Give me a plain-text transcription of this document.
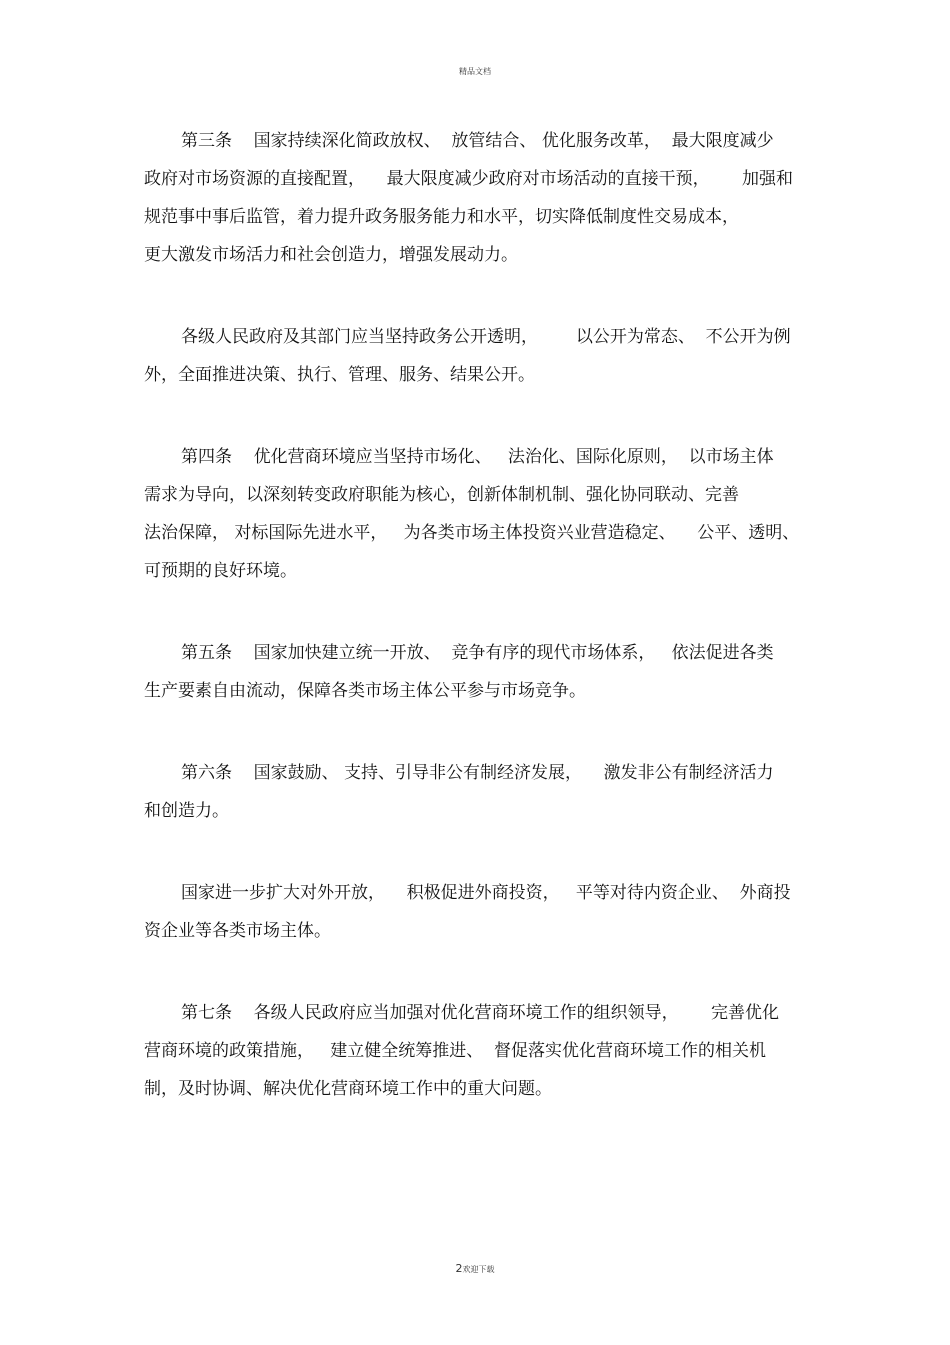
精品文档
第三条    国家持续深化简政放权、  放管结合、 优化服务改革，  最大限度减少
政府对市场资源的直接配置，    最大限度减少政府对市场活动的直接干预，      加强和
规范事中事后监管，着力提升政务服务能力和水平，切实降低制度性交易成本，
更大激发市场活力和社会创造力，增强发展动力。
各级人民政府及其部门应当坚持政务公开透明，       以公开为常态、  不公开为例
外，全面推进决策、执行、管理、服务、结果公开。
第四条    优化营商环境应当坚持市场化、   法治化、国际化原则，  以市场主体
需求为导向，以深刻转变政府职能为核心，创新体制机制、强化协同联动、完善
法治保障， 对标国际先进水平，   为各类市场主体投资兴业营造稳定、    公平、透明、
可预期的良好环境。
第五条    国家加快建立统一开放、  竞争有序的现代市场体系，   依法促进各类
生产要素自由流动，保障各类市场主体公平参与市场竞争。
第六条    国家鼓励、 支持、引导非公有制经济发展，    激发非公有制经济活力
和创造力。
国家进一步扩大对外开放，    积极促进外商投资，   平等对待内资企业、  外商投
资企业等各类市场主体。
第七条    各级人民政府应当加强对优化营商环境工作的组织领导，      完善优化
营商环境的政策措施，   建立健全统筹推进、  督促落实优化营商环境工作的相关机
制，及时协调、解决优化营商环境工作中的重大问题。
2欢迎下载
